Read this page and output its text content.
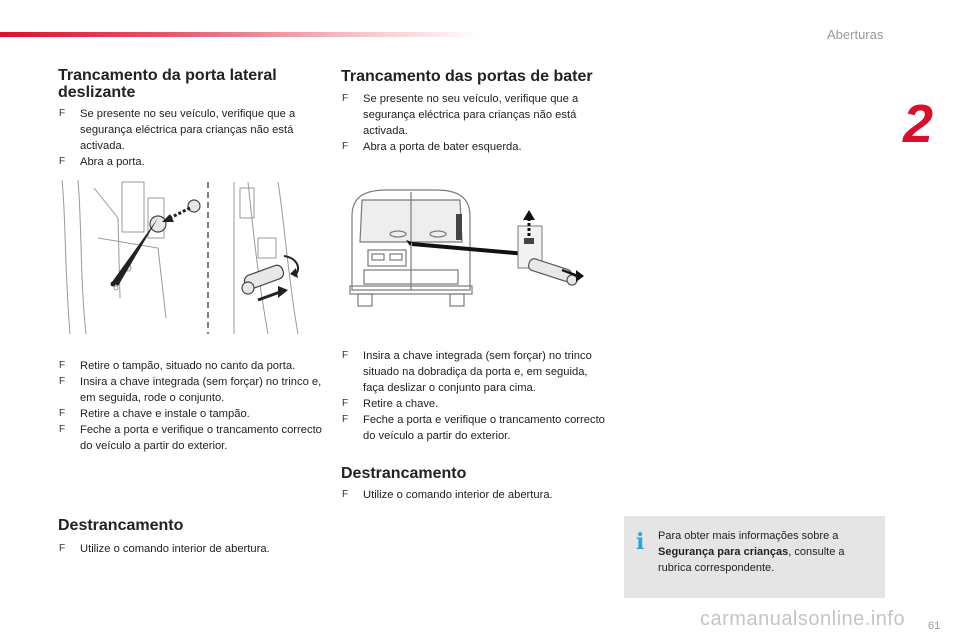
Aberturas
2
Trancamento da porta lateral deslizante
F Se presente no seu veículo, verifique que a segurança eléctrica para crianças não está activada.
F Abra a porta.
F Retire o tampão, situado no canto da porta.
F Insira a chave integrada (sem forçar) no trinco e, em seguida, rode o conjunto.
F Retire a chave e instale o tampão.
F Feche a porta e verifique o trancamento correcto do veículo a partir do exterior.
Destrancamento
F Utilize o comando interior de abertura.
Trancamento das portas de bater
F Se presente no seu veículo, verifique que a segurança eléctrica para crianças não está activada.
F Abra a porta de bater esquerda.
F Insira a chave integrada (sem forçar) no trinco situado na dobradiça da porta e, em seguida, faça deslizar o conjunto para cima.
F Retire a chave.
F Feche a porta e verifique o trancamento correcto do veículo a partir do exterior.
Destrancamento
F Utilize o comando interior de abertura.
i Para obter mais informações sobre a
Segurança para crianças, consulte a rubrica correspondente.
61
carmanualsonline.info
